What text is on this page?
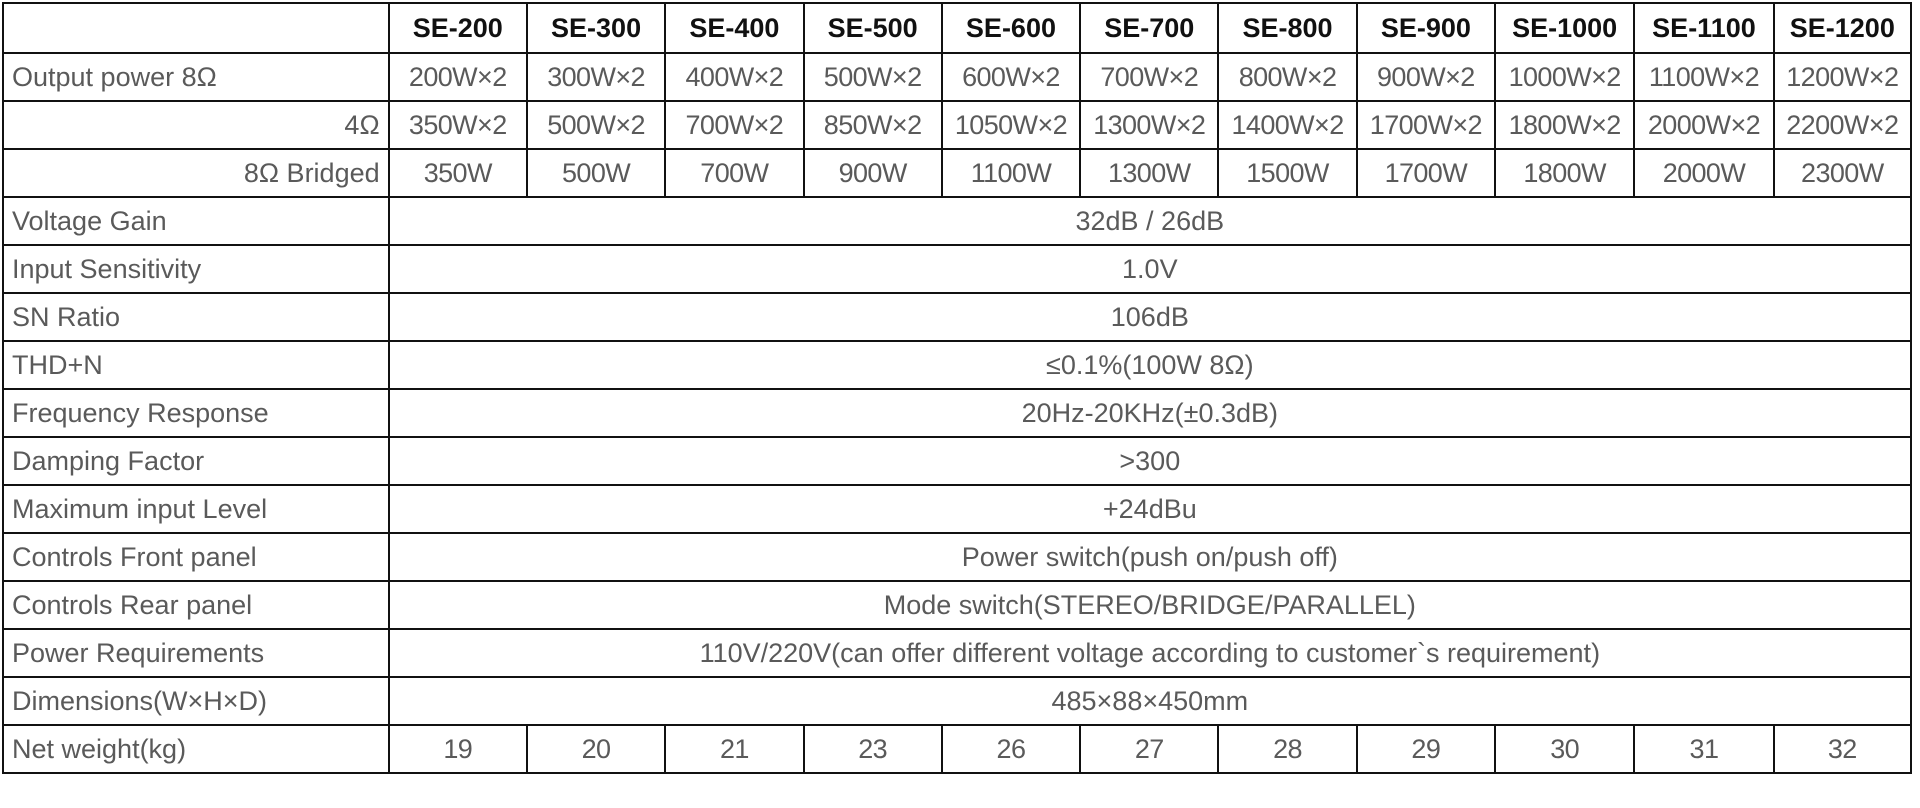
	SE-200	SE-300	SE-400	SE-500	SE-600	SE-700	SE-800	SE-900	SE-1000	SE-1100	SE-1200
Output power 8Ω	200W×2	300W×2	400W×2	500W×2	600W×2	700W×2	800W×2	900W×2	1000W×2	1100W×2	1200W×2
4Ω	350W×2	500W×2	700W×2	850W×2	1050W×2	1300W×2	1400W×2	1700W×2	1800W×2	2000W×2	2200W×2
8Ω Bridged	350W	500W	700W	900W	1100W	1300W	1500W	1700W	1800W	2000W	2300W
Voltage Gain	32dB / 26dB										
Input Sensitivity	1.0V										
SN Ratio	106dB										
THD+N	≤0.1%(100W 8Ω)										
Frequency Response	20Hz-20KHz(±0.3dB)										
Damping Factor	>300										
Maximum input Level	+24dBu										
Controls Front panel	Power switch(push on/push off)										
Controls Rear panel	Mode switch(STEREO/BRIDGE/PARALLEL)										
Power Requirements	110V/220V(can offer different voltage according to customer`s requirement)										
Dimensions(W×H×D)	485×88×450mm										
Net weight(kg)	19	20	21	23	26	27	28	29	30	31	32
